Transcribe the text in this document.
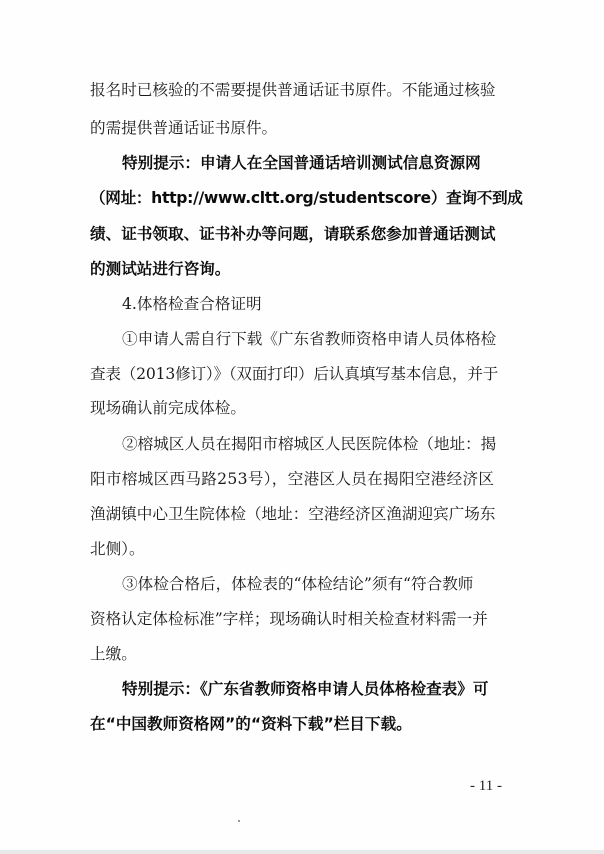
报名时已核验的不需要提供普通话证书原件。不能通过核验
的需提供普通话证书原件。
特别提示：申请人在全国普通话培训测试信息资源网
（网址：http://www.cltt.org/studentscore）查询不到成
绩、证书领取、证书补办等问题，请联系您参加普通话测试
的测试站进行咨询。
4.体格检查合格证明
①申请人需自行下载《广东省教师资格申请人员体格检
查表（2013修订）》（双面打印）后认真填写基本信息，并于
现场确认前完成体检。
②榕城区人员在揭阳市榕城区人民医院体检（地址：揭
阳市榕城区西马路253号），空港区人员在揭阳空港经济区
渔湖镇中心卫生院体检（地址：空港经济区渔湖迎宾广场东
北侧）。
③体检合格后，体检表的“体检结论”须有“符合教师
资格认定体检标准”字样；现场确认时相关检查材料需一并
上缴。
特别提示：《广东省教师资格申请人员体格检查表》可
在“中国教师资格网”的“资料下载”栏目下载。
- 11 -
